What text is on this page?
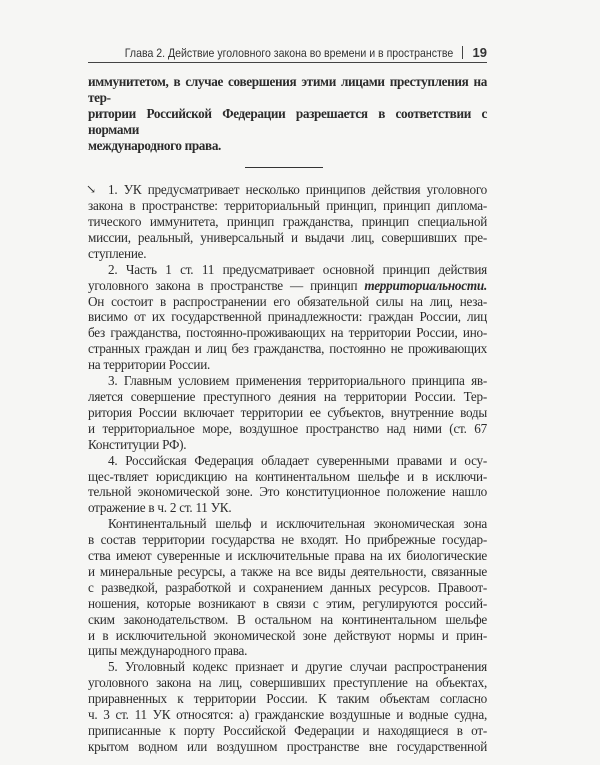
Глава 2. Действие уголовного закона во времени и в пространстве 19
иммунитетом, в случае совершения этими лицами преступления на тер-
ритории Российской Федерации разрешается в соответствии с нормами
международного права.
↘ 1. УК предусматривает несколько принципов действия уголовного
закона в пространстве: территориальный принцип, принцип диплома-
тического иммунитета, принцип гражданства, принцип специальной
миссии, реальный, универсальный и выдачи лиц, совершивших пре-
ступление.
2. Часть 1 ст. 11 предусматривает основной принцип действия
уголовного закона в пространстве — принцип территориальности.
Он состоит в распространении его обязательной силы на лиц, неза-
висимо от их государственной принадлежности: граждан России, лиц
без гражданства, постоянно-проживающих на территории России, ино-
странных граждан и лиц без гражданства, постоянно не проживающих
на территории России.
3. Главным условием применения территориального принципа яв-
ляется совершение преступного деяния на территории России. Тер-
ритория России включает территории ее субъектов, внутренние воды
и территориальное море, воздушное пространство над ними (ст. 67
Конституции РФ).
4. Российская Федерация обладает суверенными правами и осу-
щес-твляет юрисдикцию на континентальном шельфе и в исключи-
тельной экономической зоне. Это конституционное положение нашло
отражение в ч. 2 ст. 11 УК.
Континентальный шельф и исключительная экономическая зона
в состав территории государства не входят. Но прибрежные государ-
ства имеют суверенные и исключительные права на их биологические
и минеральные ресурсы, а также на все виды деятельности, связанные
с разведкой, разработкой и сохранением данных ресурсов. Правоот-
ношения, которые возникают в связи с этим, регулируются россий-
ским законодательством. В остальном на континентальном шельфе
и в исключительной экономической зоне действуют нормы и прин-
ципы международного права.
5. Уголовный кодекс признает и другие случаи распространения
уголовного закона на лиц, совершивших преступление на объектах,
приравненных к территории России. К таким объектам согласно
ч. 3 ст. 11 УК относятся: а) гражданские воздушные и водные судна,
приписанные к порту Российской Федерации и находящиеся в от-
крытом водном или воздушном пространстве вне государственной
